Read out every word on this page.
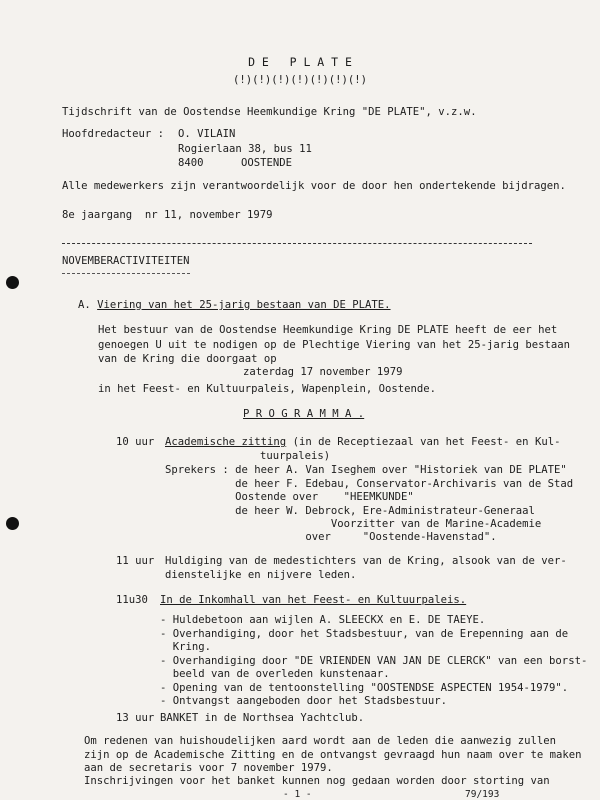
D E   P L A T E
(!)(!)(!)(!)(!)(!)(!)
Tijdschrift van de Oostendse Heemkundige Kring "DE PLATE", v.z.w.
Hoofdredacteur : O. VILAIN
Rogierlaan 38, bus 11
8400	OOSTENDE
Alle medewerkers zijn verantwoordelijk voor de door hen ondertekende bijdragen.
8e jaargang  nr 11, november 1979
NOVEMBERACTIVITEITEN
A. Viering van het 25-jarig bestaan van DE PLATE.
Het bestuur van de Oostendse Heemkundige Kring DE PLATE heeft de eer het
genoegen U uit te nodigen op de Plechtige Viering van het 25-jarig bestaan
van de Kring die doorgaat op
zaterdag 17 november 1979
in het Feest- en Kultuurpaleis, Wapenplein, Oostende.
P R O G R A M M A .
10 uur Academische zitting (in de Receptiezaal van het Feest- en Kul-
tuurpaleis)
Sprekers : de heer A. Van Iseghem over "Historiek van DE PLATE"
de heer F. Edebau, Conservator-Archivaris van de Stad
Oostende over    "HEEMKUNDE"
de heer W. Debrock, Ere-Administrateur-Generaal
Voorzitter van de Marine-Academie
over     "Oostende-Havenstad".
11 uur Huldiging van de medestichters van de Kring, alsook van de ver-
dienstelijke en nijvere leden.
11u30 In de Inkomhall van het Feest- en Kultuurpaleis.
- Huldebetoon aan wijlen A. SLEECKX en E. DE TAEYE.
- Overhandiging, door het Stadsbestuur, van de Erepenning aan de
Kring.
- Overhandiging door "DE VRIENDEN VAN JAN DE CLERCK" van een borst-
beeld van de overleden kunstenaar.
- Opening van de tentoonstelling "OOSTENDSE ASPECTEN 1954-1979".
- Ontvangst aangeboden door het Stadsbestuur.
13 uur BANKET in de Northsea Yachtclub.
Om redenen van huishoudelijken aard wordt aan de leden die aanwezig zullen
zijn op de Academische Zitting en de ontvangst gevraagd hun naam over te maken
aan de secretaris voor 7 november 1979.
Inschrijvingen voor het banket kunnen nog gedaan worden door storting van
- 1 -	79/193
